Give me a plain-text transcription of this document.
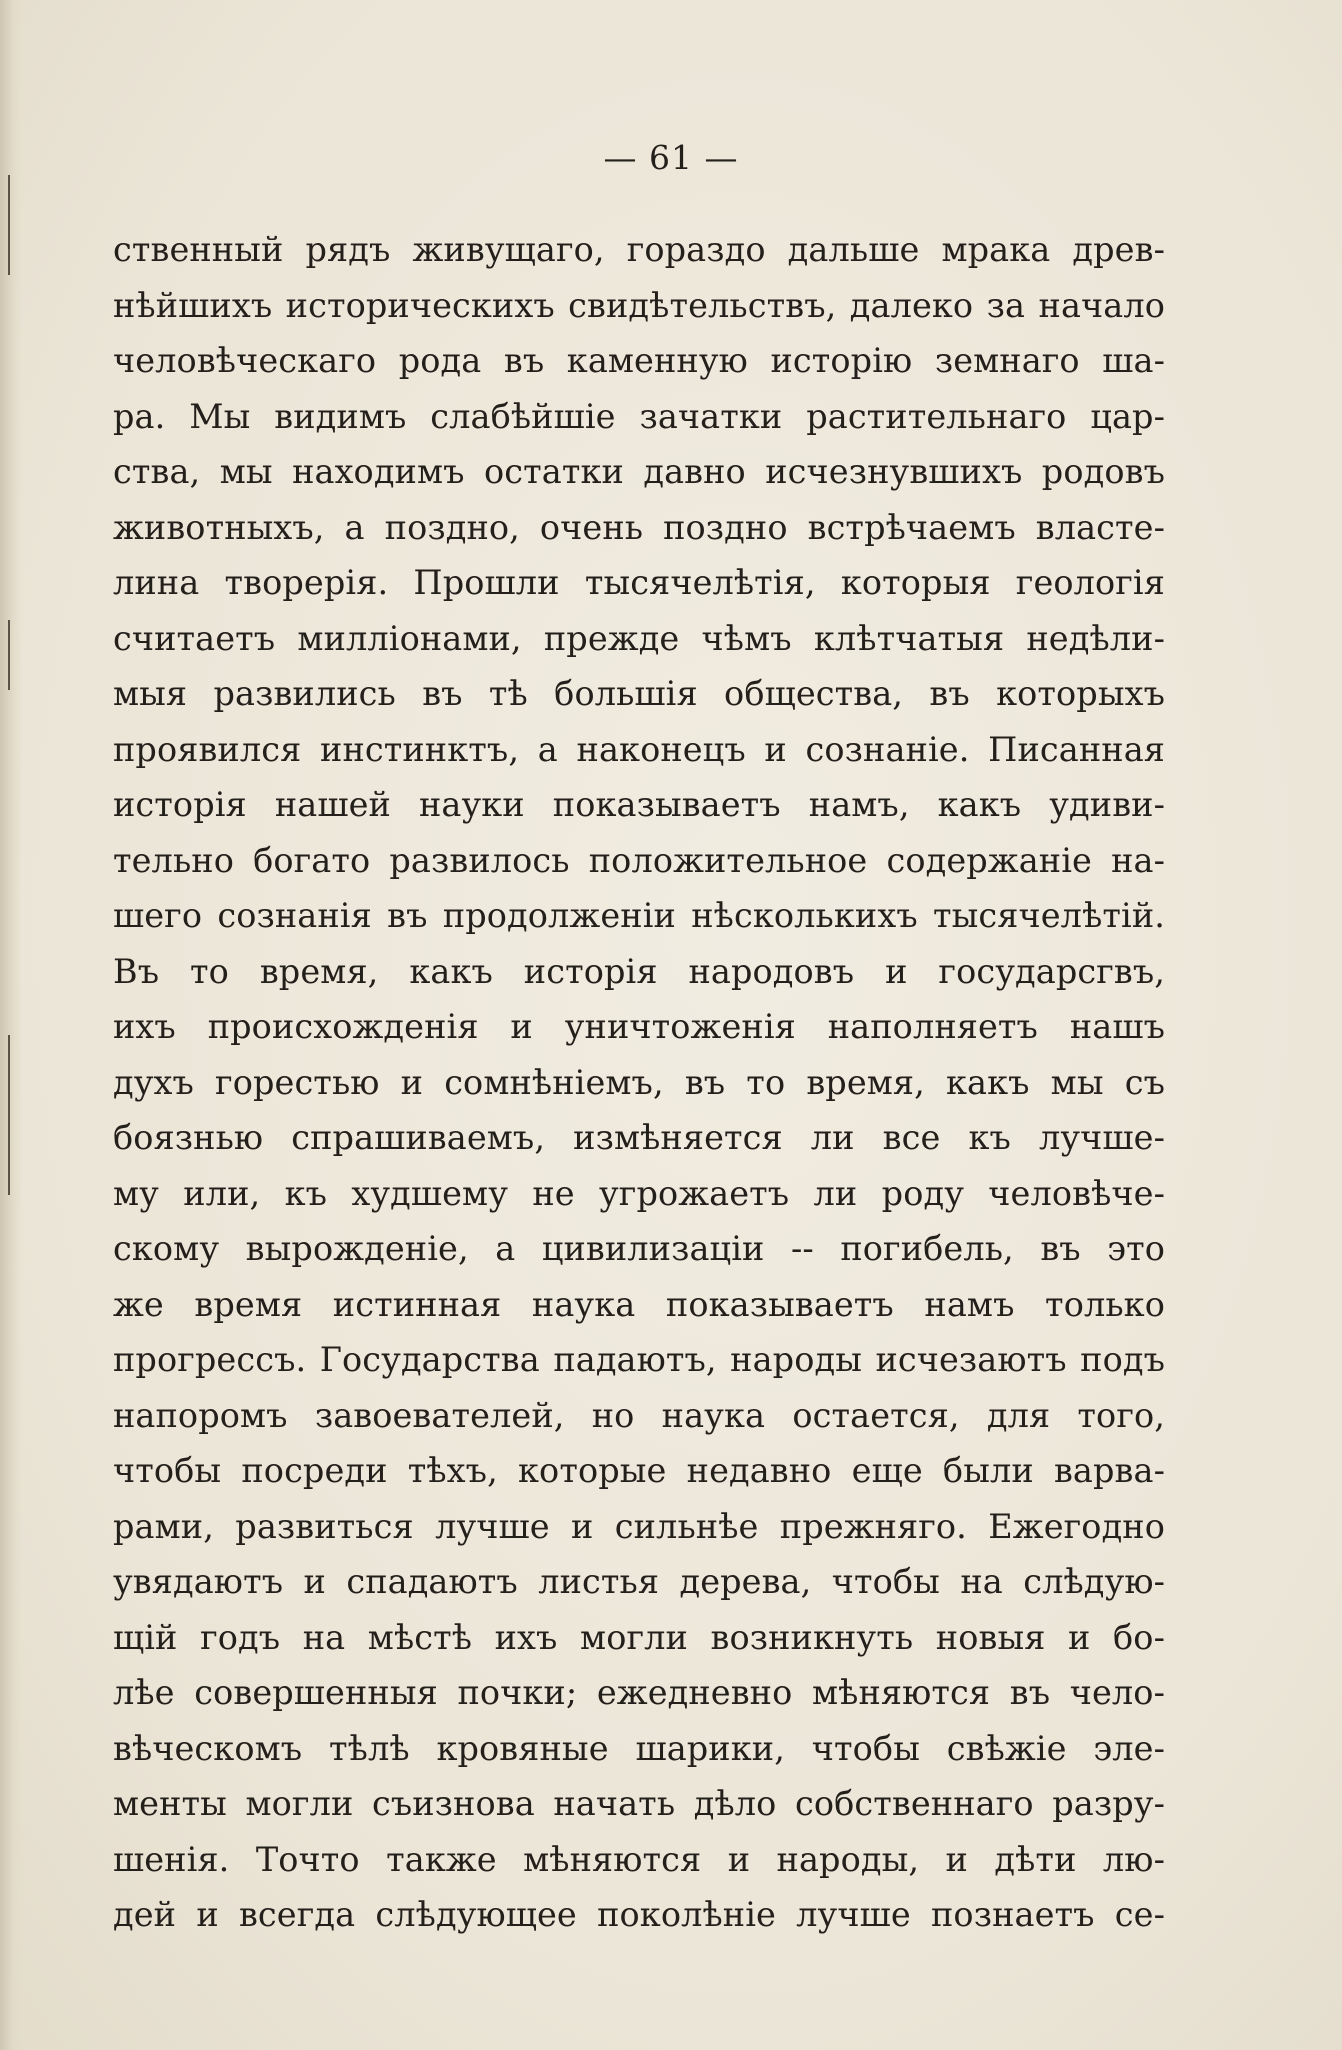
— 61 —
ственный рядъ живущаго, гораздо дальше мрака древ-
нѣйшихъ историческихъ свидѣтельствъ, далеко за начало
человѣческаго рода въ каменную исторію земнаго ша-
ра. Мы видимъ слабѣйшіе зачатки растительнаго цар-
ства, мы находимъ остатки давно исчезнувшихъ родовъ
животныхъ, а поздно, очень поздно встрѣчаемъ власте-
лина творерія. Прошли тысячелѣтія, которыя геологія
считаетъ милліонами, прежде чѣмъ клѣтчатыя недѣли-
мыя развились въ тѣ большія общества, въ которыхъ
проявился инстинктъ, а наконецъ и сознаніе. Писанная
исторія нашей науки показываетъ намъ, какъ удиви-
тельно богато развилось положительное содержаніе на-
шего сознанія въ продолженіи нѣсколькихъ тысячелѣтій.
Въ то время, какъ исторія народовъ и государсгвъ,
ихъ происхожденія и уничтоженія наполняетъ нашъ
духъ горестью и сомнѣніемъ, въ то время, какъ мы съ
боязнью спрашиваемъ, измѣняется ли все къ лучше-
му или, къ худшему не угрожаетъ ли роду человѣче-
скому вырожденіе, а цивилизаціи -- погибель, въ это
же время истинная наука показываетъ намъ только
прогрессъ. Государства падаютъ, народы исчезаютъ подъ
напоромъ завоевателей, но наука остается, для того,
чтобы посреди тѣхъ, которые недавно еще были варва-
рами, развиться лучше и сильнѣе прежняго. Ежегодно
увядаютъ и спадаютъ листья дерева, чтобы на слѣдую-
щій годъ на мѣстѣ ихъ могли возникнуть новыя и бо-
лѣе совершенныя почки; ежедневно мѣняются въ чело-
вѣческомъ тѣлѣ кровяные шарики, чтобы свѣжіе эле-
менты могли съизнова начать дѣло собственнаго разру-
шенія. Точто также мѣняются и народы, и дѣти лю-
дей и всегда слѣдующее поколѣніе лучше познаетъ се-
